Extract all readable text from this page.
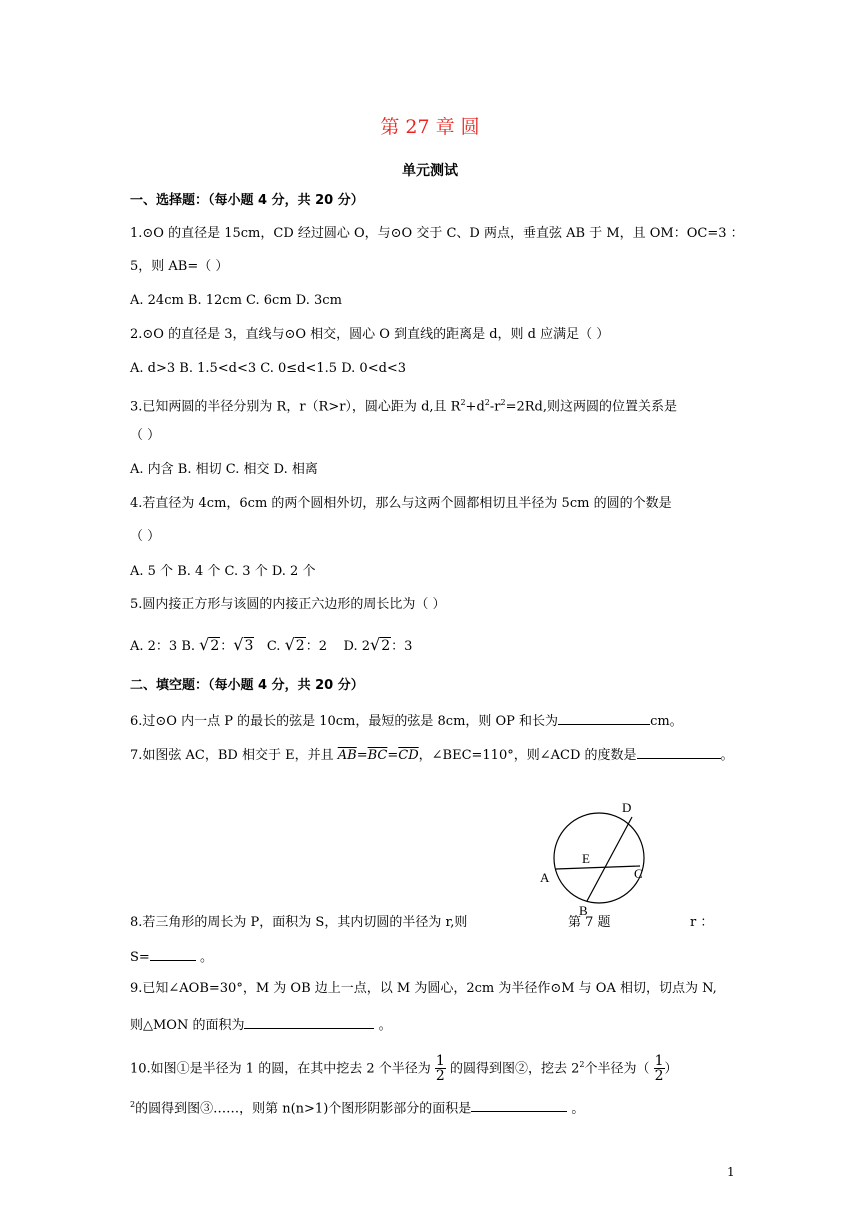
第 27 章 圆
单元测试
一、选择题：（每小题 4 分，共 20 分）
1.⊙O 的直径是 15cm，CD 经过圆心 O，与⊙O 交于 C、D 两点，垂直弦 AB 于 M，且 OM：OC=3 ：
5，则 AB=（ ）
A. 24cm B. 12cm C. 6cm D. 3cm
2.⊙O 的直径是 3，直线与⊙O 相交，圆心 O 到直线的距离是 d，则 d 应满足（ ）
A. d>3 B. 1.5<d<3 C. 0≤d<1.5 D. 0<d<3
3.已知两圆的半径分别为 R，r（R>r），圆心距为 d,且 $R^2+d^2-r^2=2Rd$,则这两圆的位置关系是
（ ）
A. 内含 B. 相切 C. 相交 D. 相离
4.若直径为 4cm，6cm 的两个圆相外切，那么与这两个圆都相切且半径为 5cm 的圆的个数是
（ ）
A. 5 个 B. 4 个 C. 3 个 D. 2 个
5.圆内接正方形与该圆的内接正六边形的周长比为（ ）
A. 2：3 B. √2：√3 C. √2：2 D. 2√2：3
二、填空题：（每小题 4 分，共 20 分）
6.过⊙O 内一点 P 的最长的弦是 10cm，最短的弦是 8cm，则 OP 和长为	cm。
7.如图弦 AC，BD 相交于 E，并且 $\overline{AB}=\overline{BC}=\overline{CD}$，∠BEC=110°，则∠ACD 的度数是	。
D
E
A	C
B
第 7 题
8.若三角形的周长为 P，面积为 S，其内切圆的半径为 r,则	r ：
S=	。
9.已知∠AOB=30°，M 为 OB 边上一点，以 M 为圆心，2cm 为半径作⊙M 与 OA 相切，切点为 N,
则△MON 的面积为	。
10.如图①是半径为 1 的圆，在其中挖去 2 个半径为 $\frac{1}{2}$ 的圆得到图②，挖去 $2^2$个半径为（ $\frac{1}{2}$ ）
$^2$的圆得到图③……，则第 n(n>1)个图形阴影部分的面积是	。
1
